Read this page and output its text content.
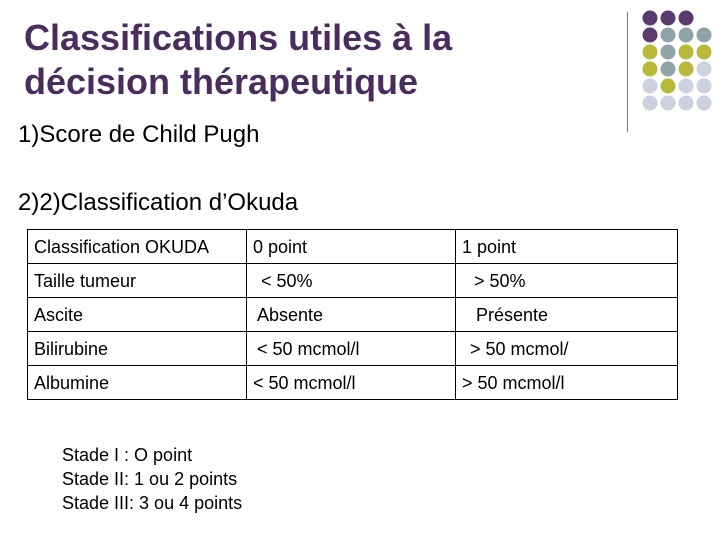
Classifications utiles à la
décision thérapeutique
1)Score de Child Pugh
2)2)Classification d’Okuda
Classification OKUDA	0 point	1 point
Taille tumeur	< 50%	> 50%
Ascite	Absente	Présente
Bilirubine	< 50 mcmol/l	> 50 mcmol/
Albumine	< 50 mcmol/l	> 50 mcmol/l
Stade I : O point
Stade II: 1 ou 2 points
Stade III: 3 ou 4 points
